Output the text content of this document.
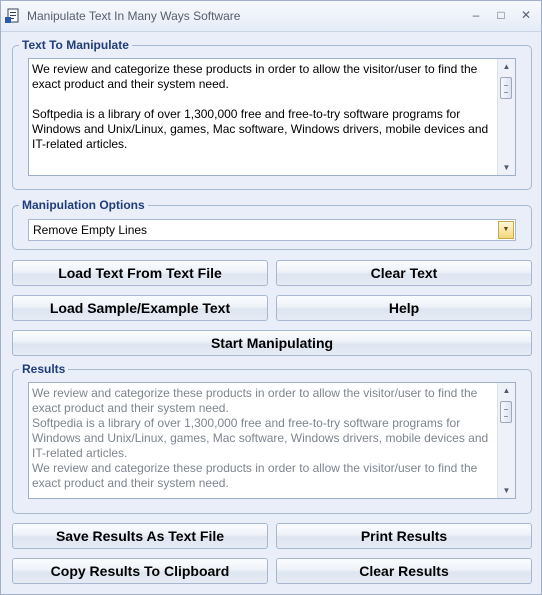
Manipulate Text In Many Ways Software	–	□	✕
Text To Manipulate

We review and categorize these products in order to allow the visitor/user to find the exact product and their system need.

Softpedia is a library of over 1,300,000 free and free-to-try software programs for Windows and Unix/Linux, games, Mac software, Windows drivers, mobile devices and IT-related articles.

▲
▼
Manipulation Options
Remove Empty Lines	▼
Load Text From Text File	Clear Text
Load Sample/Example Text	Help
Start Manipulating
Results

We review and categorize these products in order to allow the visitor/user to find the exact product and their system need.

Softpedia is a library of over 1,300,000 free and free-to-try software programs for Windows and Unix/Linux, games, Mac software, Windows drivers, mobile devices and IT-related articles.

We review and categorize these products in order to allow the visitor/user to find the exact product and their system need.

▲
▼
Save Results As Text File	Print Results
Copy Results To Clipboard	Clear Results
